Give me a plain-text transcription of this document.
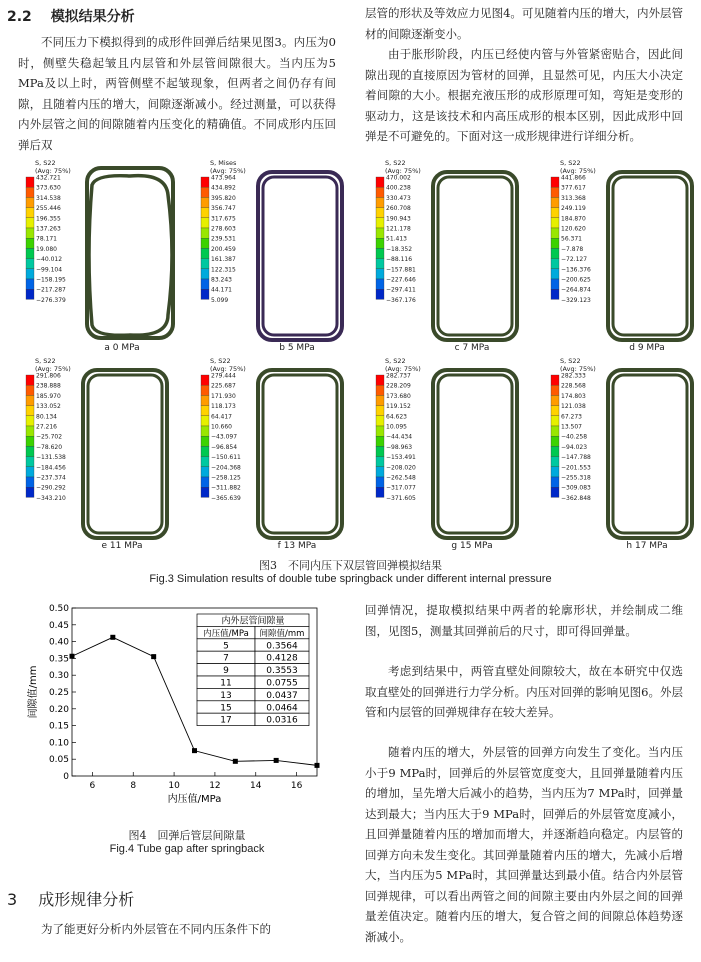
2.2 模拟结果分析

不同压力下模拟得到的成形件回弹后结果见图3。内压为0时，侧壁失稳起皱且内层管和外层管间隙很大。当内压为5 MPa及以上时，两管侧壁不起皱现象，但两者之间仍存有间隙，且随着内压的增大，间隙逐渐减小。经过测量，可以获得内外层管之间的间隙随着内压变化的精确值。不同成形内压回弹后双

层管的形状及等效应力见图4。可见随着内压的增大，内外层管材的间隙逐渐变小。

由于胀形阶段，内压已经使内管与外管紧密贴合，因此间隙出现的直接原因为管材的回弹，且显然可见，内压大小决定着间隙的大小。根据充液压形的成形原理可知，弯矩是变形的驱动力，这是该技术和内高压成形的根本区别，因此成形中回弹是不可避免的。下面对这一成形规律进行详细分析。

S, S22
(Avg: 75%)
432.721
373.630
314.538
255.446
196.355
137.263
78.171
19.080
−40.012
−99.104
−158.195
−217.287
−276.379
a 0 MPa
S, Mises
(Avg: 75%)
473.964
434.892
395.820
356.747
317.675
278.603
239.531
200.459
161.387
122.315
83.243
44.171
5.099
b 5 MPa
S, S22
(Avg: 75%)
470.002
400.238
330.473
260.708
190.943
121.178
51.413
−18.352
−88.116
−157.881
−227.646
−297.411
−367.176
c 7 MPa
S, S22
(Avg: 75%)
441.866
377.617
313.368
249.119
184.870
120.620
56.371
−7.878
−72.127
−136.376
−200.625
−264.874
−329.123
d 9 MPa
S, S22
(Avg: 75%)
291.806
238.888
185.970
133.052
80.134
27.216
−25.702
−78.620
−131.538
−184.456
−237.374
−290.292
−343.210
e 11 MPa
S, S22
(Avg: 75%)
279.444
225.687
171.930
118.173
64.417
10.660
−43.097
−96.854
−150.611
−204.368
−258.125
−311.882
−365.639
f 13 MPa
S, S22
(Avg: 75%)
282.737
228.209
173.680
119.152
64.623
10.095
−44.434
−98.963
−153.491
−208.020
−262.548
−317.077
−371.605
g 15 MPa
S, S22
(Avg: 75%)
282.333
228.568
174.803
121.038
67.273
13.507
−40.258
−94.023
−147.788
−201.553
−255.318
−309.083
−362.848
h 17 MPa
图3　不同内压下双层管回弹模拟结果
Fig.3 Simulation results of double tube springback under different internal pressure
0
0.05
0.10
0.15
0.20
0.25
0.30
0.35
0.40
0.45
0.50
6	8	10	12	14	16
内压值/MPa
间隙值/mm
内外层管间隙量
内压值/MPa 间隙值/mm
5	0.3564
7	0.4128
9	0.3553
11	0.0755
13	0.0437
15	0.0464
17	0.0316
图4　回弹后管层间隙量
Fig.4 Tube gap after springback
3 成形规律分析

为了能更好分析内外层管在不同内压条件下的

回弹情况，提取模拟结果中两者的轮廓形状，并绘制成二维图，见图5，测量其回弹前后的尺寸，即可得回弹量。

考虑到结果中，两管直壁处间隙较大，故在本研究中仅选取直壁处的回弹进行力学分析。内压对回弹的影响见图6。外层管和内层管的回弹规律存在较大差异。

随着内压的增大，外层管的回弹方向发生了变化。当内压小于9 MPa时，回弹后的外层管宽度变大，且回弹量随着内压的增加，呈先增大后减小的趋势，当内压为7 MPa时，回弹量达到最大；当内压大于9 MPa时，回弹后的外层管宽度减小，且回弹量随着内压的增加而增大，并逐渐趋向稳定。内层管的回弹方向未发生变化。其回弹量随着内压的增大，先减小后增大，当内压为5 MPa时，其回弹量达到最小值。结合内外层管回弹规律，可以看出两管之间的间隙主要由内外层之间的回弹量差值决定。随着内压的增大，复合管之间的间隙总体趋势逐渐减小。
